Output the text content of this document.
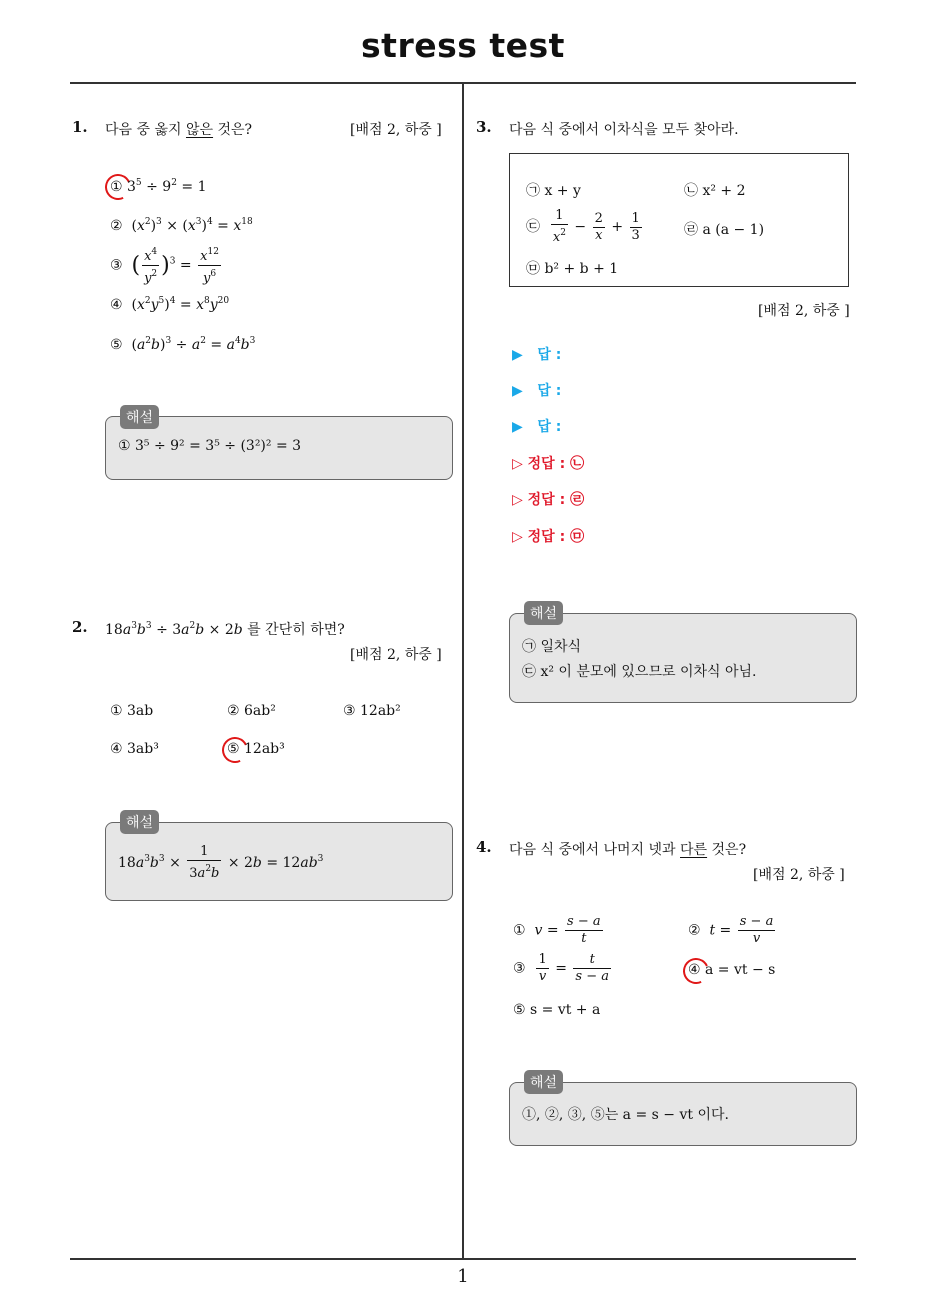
stress test
1. 다음 중 옳지 않은 것은?	[배점 2, 하중 ]
① $3^5 \div 9^2 = 1$
②  $(x^2)^3 \times (x^3)^4 = x^{18}$
③ ( $\frac{x^4}{y^2} )^3 = \frac{x^{12}}{y^6}$
④  $(x^2y^5)^4 = x^8y^{20}$
⑤  $(a^2b)^3 \div a^2 = a^4b^3$
해설
① 3⁵ ÷ 9² = 3⁵ ÷ (3²)² = 3
2. $18a^3b^3 \div 3a^2b \times 2b$ 를 간단히 하면?
[배점 2, 하중 ]
① 3ab	② 6ab²	③ 12ab²
④ 3ab³	⑤ 12ab³
해설
$18a^3b^3 \times \frac{1}{3a^2b} \times 2b = 12ab^3$
3. 다음 식 중에서 이차식을 모두 찾아라.
㉠ x + y	㉡ x² + 2
㉢ $\frac{1}{x^2} - \frac{2}{x} + \frac{1}{3}$	㉣ a (a − 1)
㉤ b² + b + 1
[배점 2, 하중 ]
▶ 답 :
▶ 답 :
▶ 답 :
▷ 정답 : ㉡
▷ 정답 : ㉣
▷ 정답 : ㉤
해설
㉠ 일차식
㉢ x² 이 분모에 있으므로 이차식 아님.
4. 다음 식 중에서 나머지 넷과 다른 것은?
[배점 2, 하중 ]
① $v = \frac{s - a}{t}$	② $t = \frac{s - a}{v}$
③ $\frac{1}{v} = \frac{t}{s - a}$	④ a = vt − s
⑤ s = vt + a
해설
①, ②, ③, ⑤는 a = s − vt 이다.
1
